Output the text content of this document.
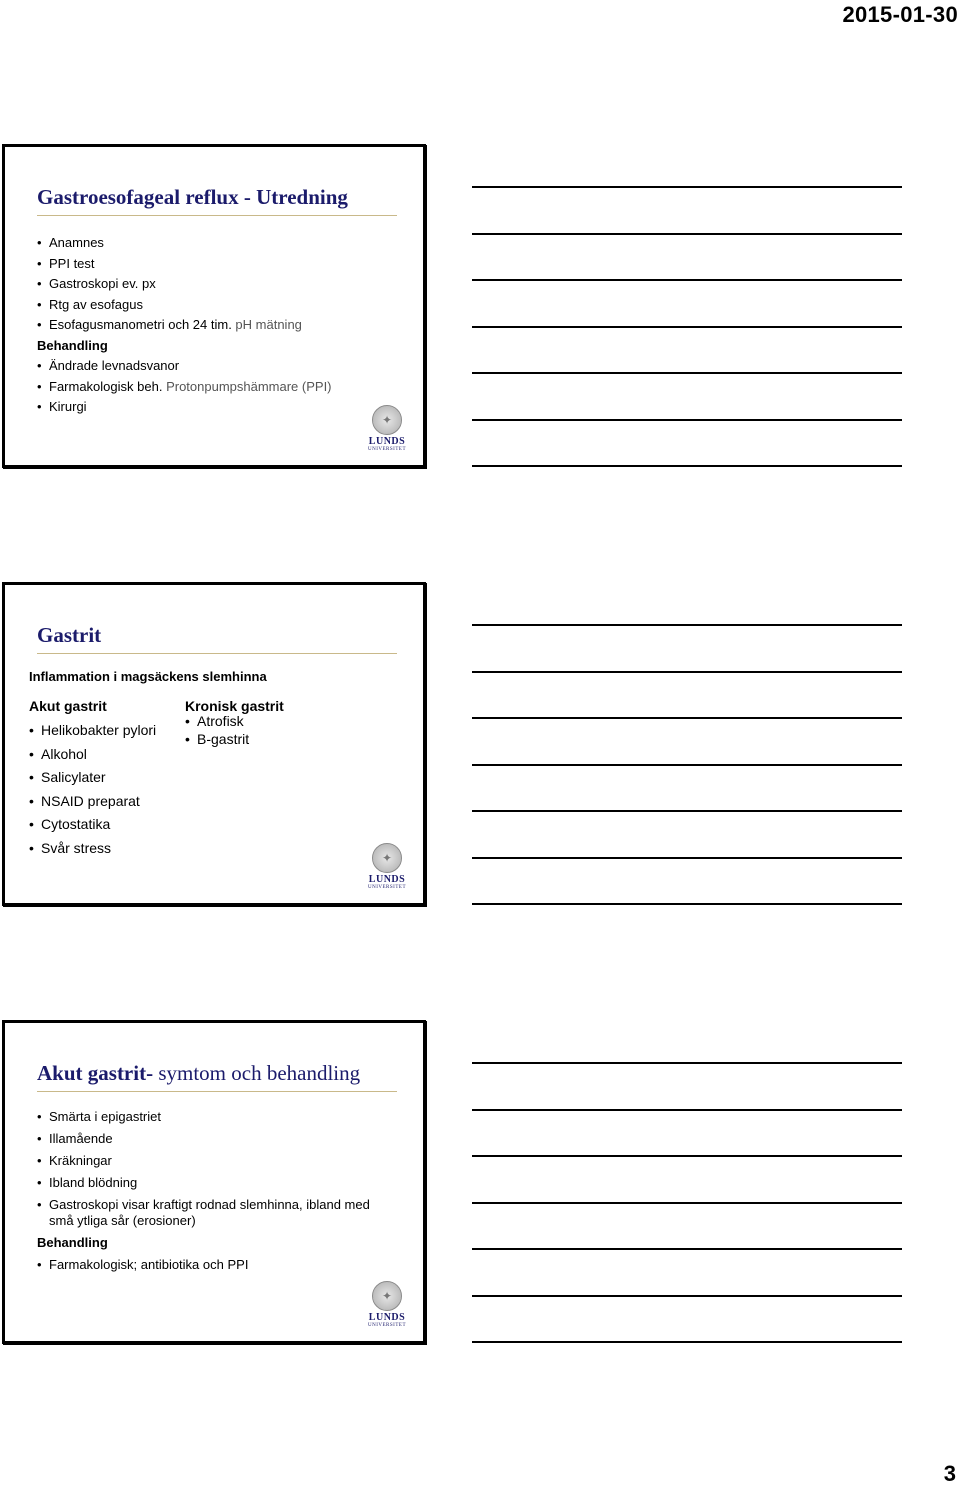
2015-01-30
Gastroesofageal reflux - Utredning
• Anamnes
• PPI test
• Gastroskopi ev. px
• Rtg av esofagus
• Esofagusmanometri och 24 tim. pH mätning
Behandling
• Ändrade levnadsvanor
• Farmakologisk beh. Protonpumpshämmare (PPI)
• Kirurgi
✦
LUNDS
UNIVERSITET
Gastrit
Inflammation i magsäckens slemhinna
Akut gastrit
• Helikobakter pylori
• Alkohol
• Salicylater
• NSAID preparat
• Cytostatika
• Svår stress
Kronisk gastrit
• Atrofisk
• B-gastrit
✦
LUNDS
UNIVERSITET
Akut gastrit- symtom och behandling
• Smärta i epigastriet
• Illamående
• Kräkningar
• Ibland blödning
• Gastroskopi visar kraftigt rodnad slemhinna, ibland med små ytliga sår (erosioner)
Behandling
• Farmakologisk; antibiotika och PPI
✦
LUNDS
UNIVERSITET
3
